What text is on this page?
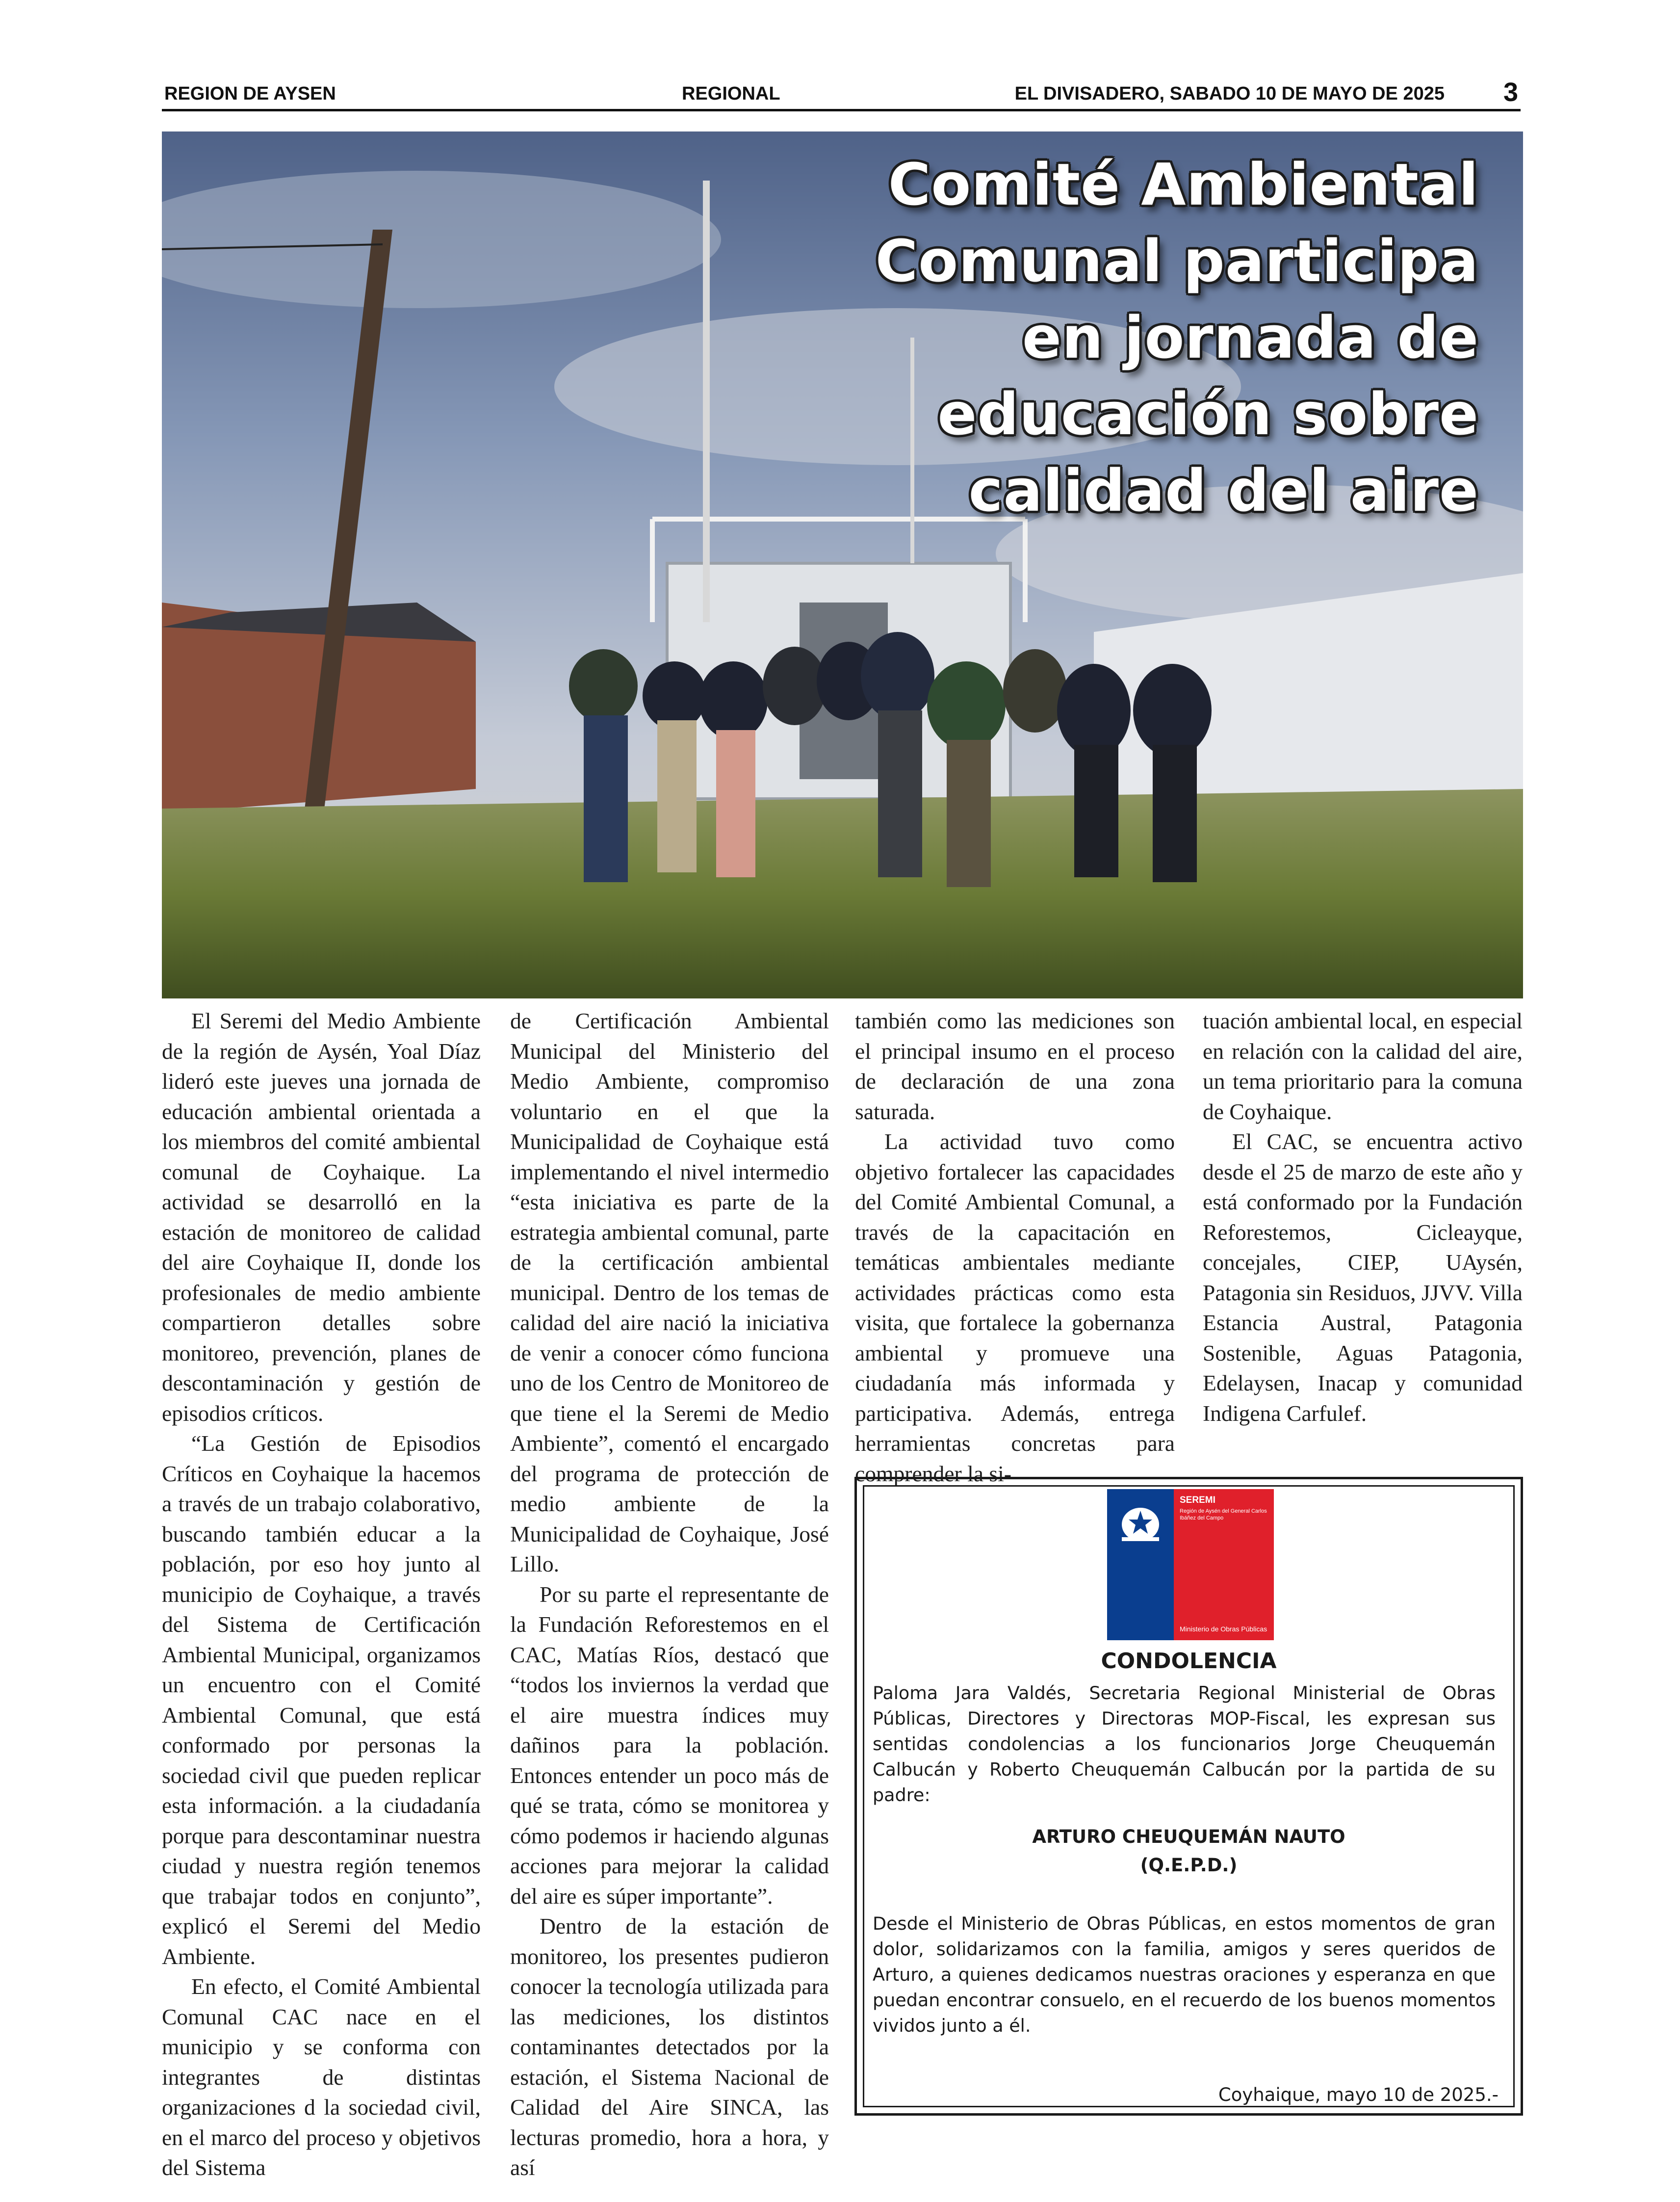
REGION DE AYSEN	REGIONAL	EL DIVISADERO, SABADO 10 DE MAYO DE 2025 3
Comité Ambiental
Comunal participa
en jornada de
educación sobre
calidad del aire

El Seremi del Medio Ambiente de la región de Aysén, Yoal Díaz lideró este jueves una jornada de educación ambiental orientada a los miembros del comité ambiental comunal de Coyhaique. La actividad se desarrolló en la estación de monitoreo de calidad del aire Coyhaique II, donde los profesionales de medio ambiente compartieron detalles sobre monitoreo, prevención, planes de descontaminación y gestión de episodios críticos.

“La Gestión de Episodios Críticos en Coyhaique la hacemos a través de un trabajo colaborativo, buscando también educar a la población, por eso hoy junto al municipio de Coyhaique, a través del Sistema de Certificación Ambiental Municipal, organizamos un encuentro con el Comité Ambiental Comunal, que está conformado por personas la sociedad civil que pueden replicar esta información. a la ciudadanía porque para descontaminar nuestra ciudad y nuestra región tenemos que trabajar todos en conjunto”, explicó el Seremi del Medio Ambiente.

En efecto, el Comité Ambiental Comunal CAC nace en el municipio y se conforma con integrantes de distintas organizaciones d la sociedad civil, en el marco del proceso y objetivos del Sistema

de Certificación Ambiental Municipal del Ministerio del Medio Ambiente, compromiso voluntario en el que la Municipalidad de Coyhaique está implementando el nivel intermedio “esta iniciativa es parte de la estrategia ambiental comunal, parte de la certificación ambiental municipal. Dentro de los temas de calidad del aire nació la iniciativa de venir a conocer cómo funciona uno de los Centro de Monitoreo de que tiene el la Seremi de Medio Ambiente”, comentó el encargado del programa de protección de medio ambiente de la Municipalidad de Coyhaique, José Lillo.

Por su parte el representante de la Fundación Reforestemos en el CAC, Matías Ríos, destacó que “todos los inviernos la verdad que el aire muestra índices muy dañinos para la población. Entonces entender un poco más de qué se trata, cómo se monitorea y cómo podemos ir haciendo algunas acciones para mejorar la calidad del aire es súper importante”.

Dentro de la estación de monitoreo, los presentes pudieron conocer la tecnología utilizada para las mediciones, los distintos contaminantes detectados por la estación, el Sistema Nacional de Calidad del Aire SINCA, las lecturas promedio, hora a hora, y así

también como las mediciones son el principal insumo en el proceso de declaración de una zona saturada.

La actividad tuvo como objetivo fortalecer las capacidades del Comité Ambiental Comunal, a través de la capacitación en temáticas ambientales mediante actividades prácticas como esta visita, que fortalece la gobernanza ambiental y promueve una ciudadanía más informada y participativa. Además, entrega herramientas concretas para comprender la si-

tuación ambiental local, en especial en relación con la calidad del aire, un tema prioritario para la comuna de Coyhaique.

El CAC, se encuentra activo desde el 25 de marzo de este año y está conformado por la Fundación Reforestemos, Cicleayque, concejales, CIEP, UAysén, Patagonia sin Residuos, JJVV. Villa Estancia Austral, Patagonia Sostenible, Aguas Patagonia, Edelaysen, Inacap y comunidad Indigena Carfulef.

SEREMI
Región de Aysén del General Carlos Ibáñez del Campo
Ministerio de Obras Públicas
CONDOLENCIA
Paloma Jara Valdés, Secretaria Regional Ministerial de Obras Públicas, Directores y Directoras MOP-Fiscal, les expresan sus sentidas condolencias a los funcionarios Jorge Cheuquemán Calbucán y Roberto Cheuquemán Calbucán por la partida de su padre:
ARTURO CHEUQUEMÁN NAUTO
(Q.E.P.D.)
Desde el Ministerio de Obras Públicas, en estos momentos de gran dolor, solidarizamos con la familia, amigos y seres queridos de Arturo, a quienes dedicamos nuestras oraciones y esperanza en que puedan encontrar consuelo, en el recuerdo de los buenos momentos vividos junto a él.
Coyhaique, mayo 10 de 2025.-
